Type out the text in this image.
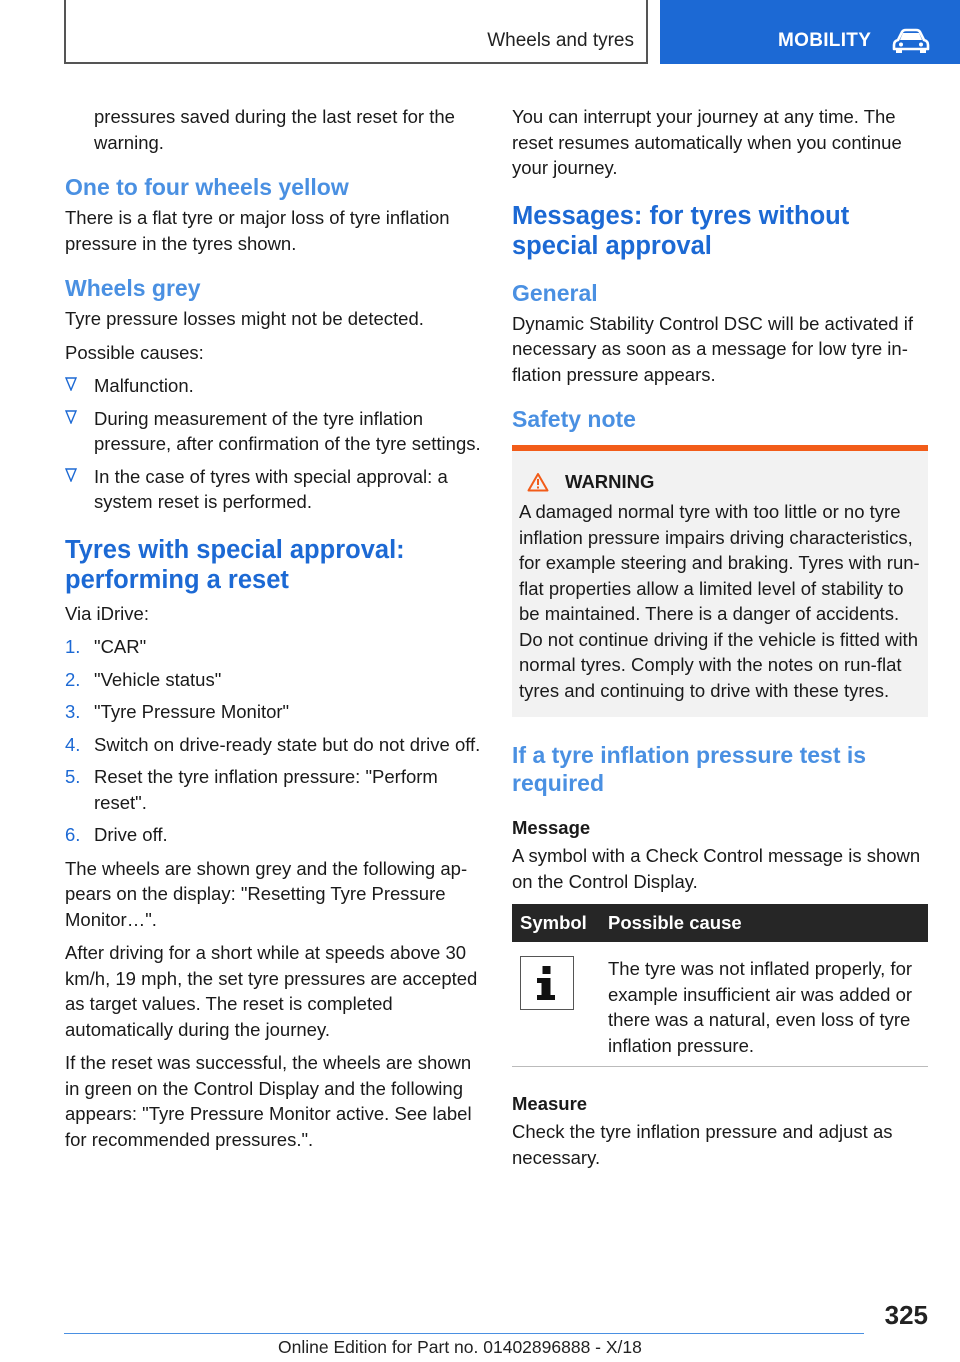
Wheels and tyres	MOBILITY

pressures saved during the last reset for the warning.

One to four wheels yellow

There is a flat tyre or major loss of tyre inflation pressure in the tyres shown.

Wheels grey

Tyre pressure losses might not be detected.

Possible causes:

Malfunction.
During measurement of the tyre inflation pressure, after confirmation of the tyre settings.
In the case of tyres with special approval: a system reset is performed.
Tyres with special approval: performing a reset

Via iDrive:

1. "CAR"
2. "Vehicle status"
3. "Tyre Pressure Monitor"
4. Switch on drive-ready state but do not drive off.
5. Reset the tyre inflation pressure: "Perform reset".
6. Drive off.

The wheels are shown grey and the following appears on the display: "Resetting Tyre Pressure Monitor…".

After driving for a short while at speeds above 30 km/h, 19 mph, the set tyre pressures are accepted as target values. The reset is completed automatically during the journey.

If the reset was successful, the wheels are shown in green on the Control Display and the following appears: "Tyre Pressure Monitor active. See label for recommended pressures.".

You can interrupt your journey at any time. The reset resumes automatically when you continue your journey.

Messages: for tyres without special approval
General

Dynamic Stability Control DSC will be activated if necessary as soon as a message for low tyre inflation pressure appears.

Safety note
WARNING

A damaged normal tyre with too little or no tyre inflation pressure impairs driving characteristics, for example steering and braking. Tyres with run-flat properties allow a limited level of stability to be maintained. There is a danger of accidents. Do not continue driving if the vehicle is fitted with normal tyres. Comply with the notes on run-flat tyres and continuing to drive with these tyres.

If a tyre inflation pressure test is required
Message

A symbol with a Check Control message is shown on the Control Display.

Symbol	Possible cause

	The tyre was not inflated properly, for example insufficient air was added or there was a natural, even loss of tyre inflation pressure.
Measure

Check the tyre inflation pressure and adjust as necessary.

325
Online Edition for Part no. 01402896888 - X/18
